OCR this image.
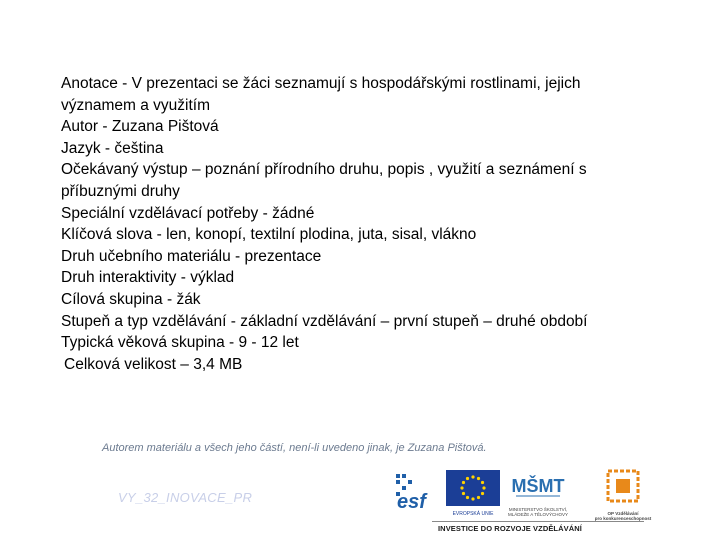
Anotace - V prezentaci se žáci seznamují s hospodářskými rostlinami, jejich
významem a využitím
Autor - Zuzana Pištová
Jazyk - čeština
Očekávaný výstup – poznání přírodního druhu, popis , využití a seznámení s
příbuznými druhy
Speciální vzdělávací potřeby - žádné
Klíčová slova - len, konopí, textilní plodina, juta, sisal, vlákno
Druh učebního materiálu - prezentace
Druh interaktivity - výklad
Cílová skupina - žák
Stupeň a typ vzdělávání - základní vzdělávání – první stupeň – druhé období
Typická věková skupina - 9 - 12 let
Celková velikost – 3,4 MB
Autorem materiálu a všech jeho částí, není-li uvedeno jinak, je Zuzana Pištová.
VY_32_INOVACE_PR	esf
EVROPSKÁ UNIE
MŠMT
MINISTERSTVO ŠKOLSTVÍ,
MLÁDEŽE A TĚLOVÝCHOVY	OP Vzdělávání
pro konkurenceschopnost
INVESTICE DO ROZVOJE VZDĚLÁVÁNÍ
